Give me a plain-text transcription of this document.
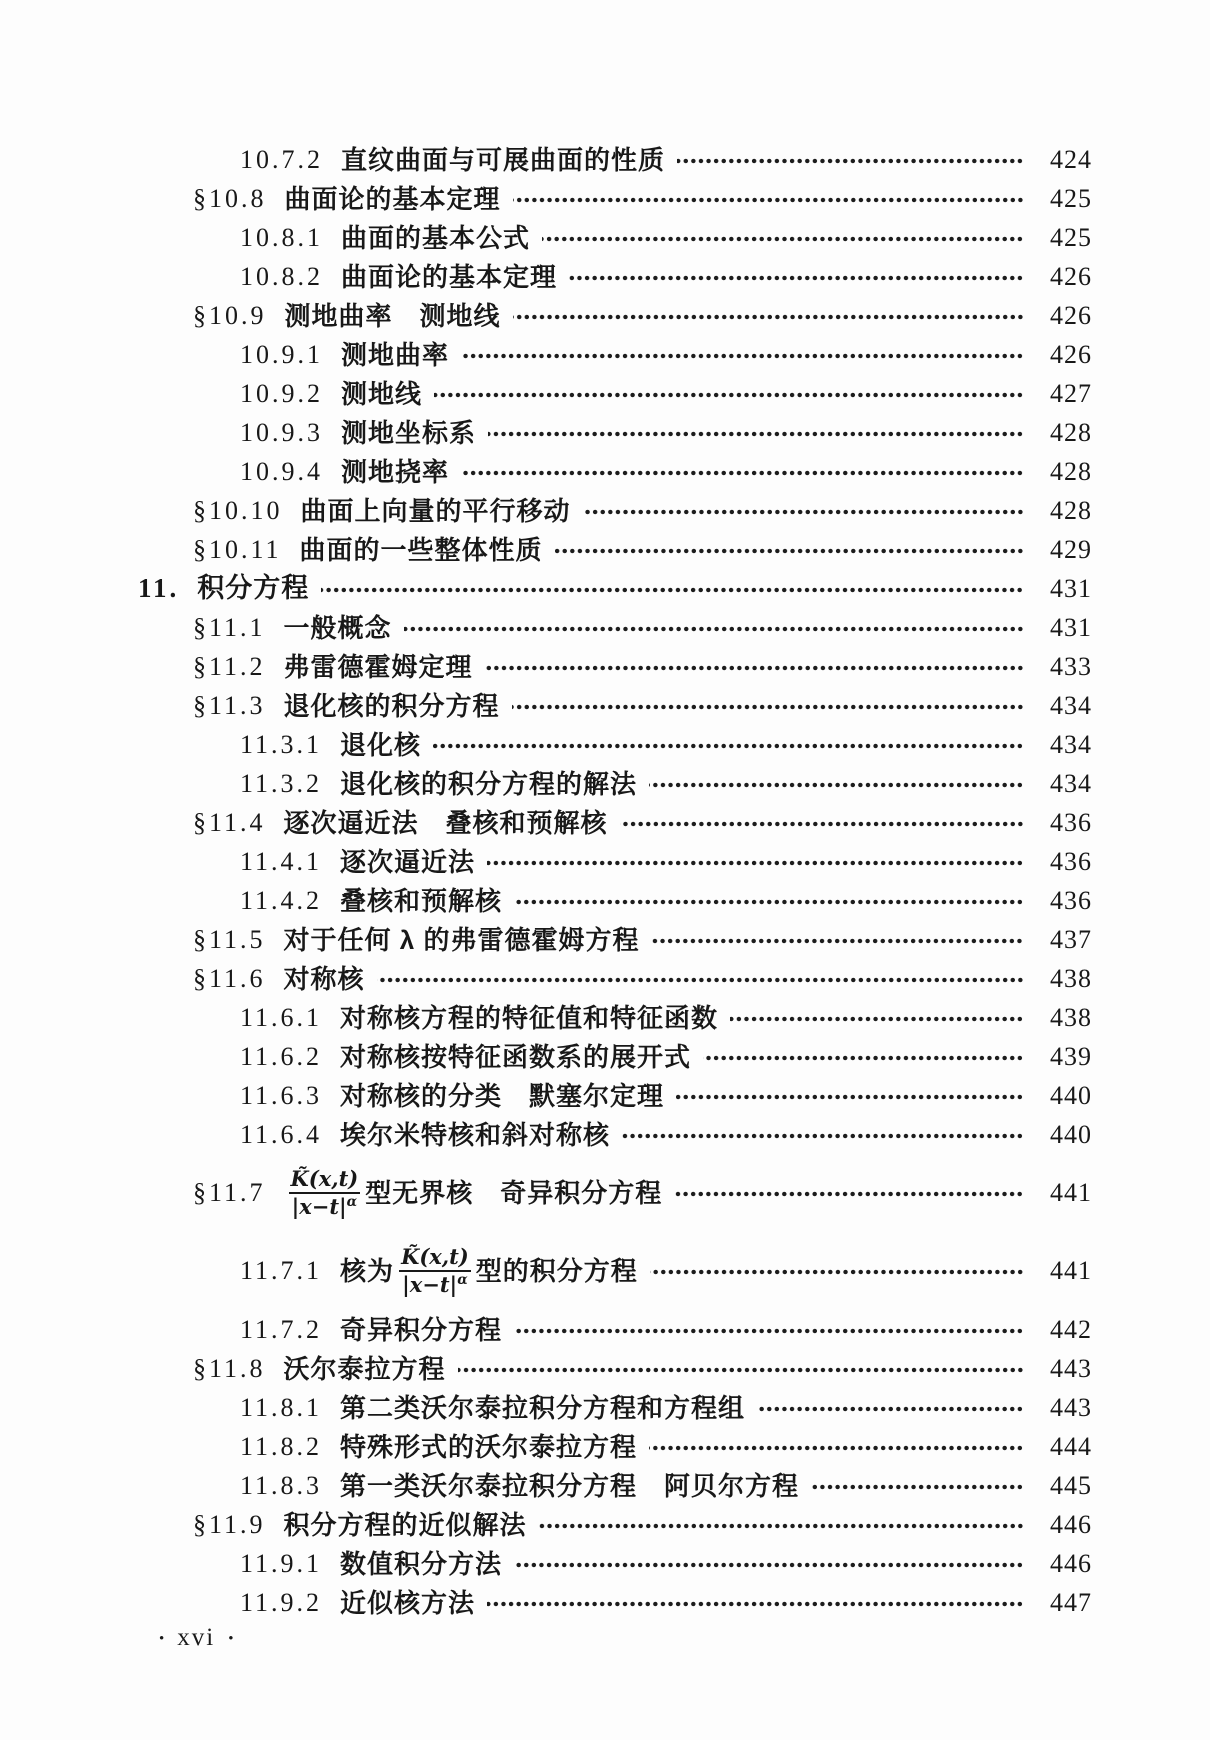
10.7.2 直纹曲面与可展曲面的性质	424
§10.8 曲面论的基本定理	425
10.8.1 曲面的基本公式	425
10.8.2 曲面论的基本定理	426
§10.9 测地曲率　测地线	426
10.9.1 测地曲率	426
10.9.2 测地线	427
10.9.3 测地坐标系	428
10.9.4 测地挠率	428
§10.10 曲面上向量的平行移动	428
§10.11 曲面的一些整体性质	429
11. 积分方程	431
§11.1 一般概念	431
§11.2 弗雷德霍姆定理	433
§11.3 退化核的积分方程	434
11.3.1 退化核	434
11.3.2 退化核的积分方程的解法	434
§11.4 逐次逼近法　叠核和预解核	436
11.4.1 逐次逼近法	436
11.4.2 叠核和预解核	436
§11.5 对于任何 λ 的弗雷德霍姆方程	437
§11.6 对称核	438
11.6.1 对称核方程的特征值和特征函数	438
11.6.2 对称核按特征函数系的展开式	439
11.6.3 对称核的分类　默塞尔定理	440
11.6.4 埃尔米特核和斜对称核	440
§11.7 $\frac{K̃(x,t)}{|x-t|^\alpha}$ 型无界核　奇异积分方程	441
11.7.1 核为 $\frac{K̃(x,t)}{|x-t|^\alpha}$ 型的积分方程	441
11.7.2 奇异积分方程	442
§11.8 沃尔泰拉方程	443
11.8.1 第二类沃尔泰拉积分方程和方程组	443
11.8.2 特殊形式的沃尔泰拉方程	444
11.8.3 第一类沃尔泰拉积分方程　阿贝尔方程	445
§11.9 积分方程的近似解法	446
11.9.1 数值积分方法	446
11.9.2 近似核方法	447
• xvi •
